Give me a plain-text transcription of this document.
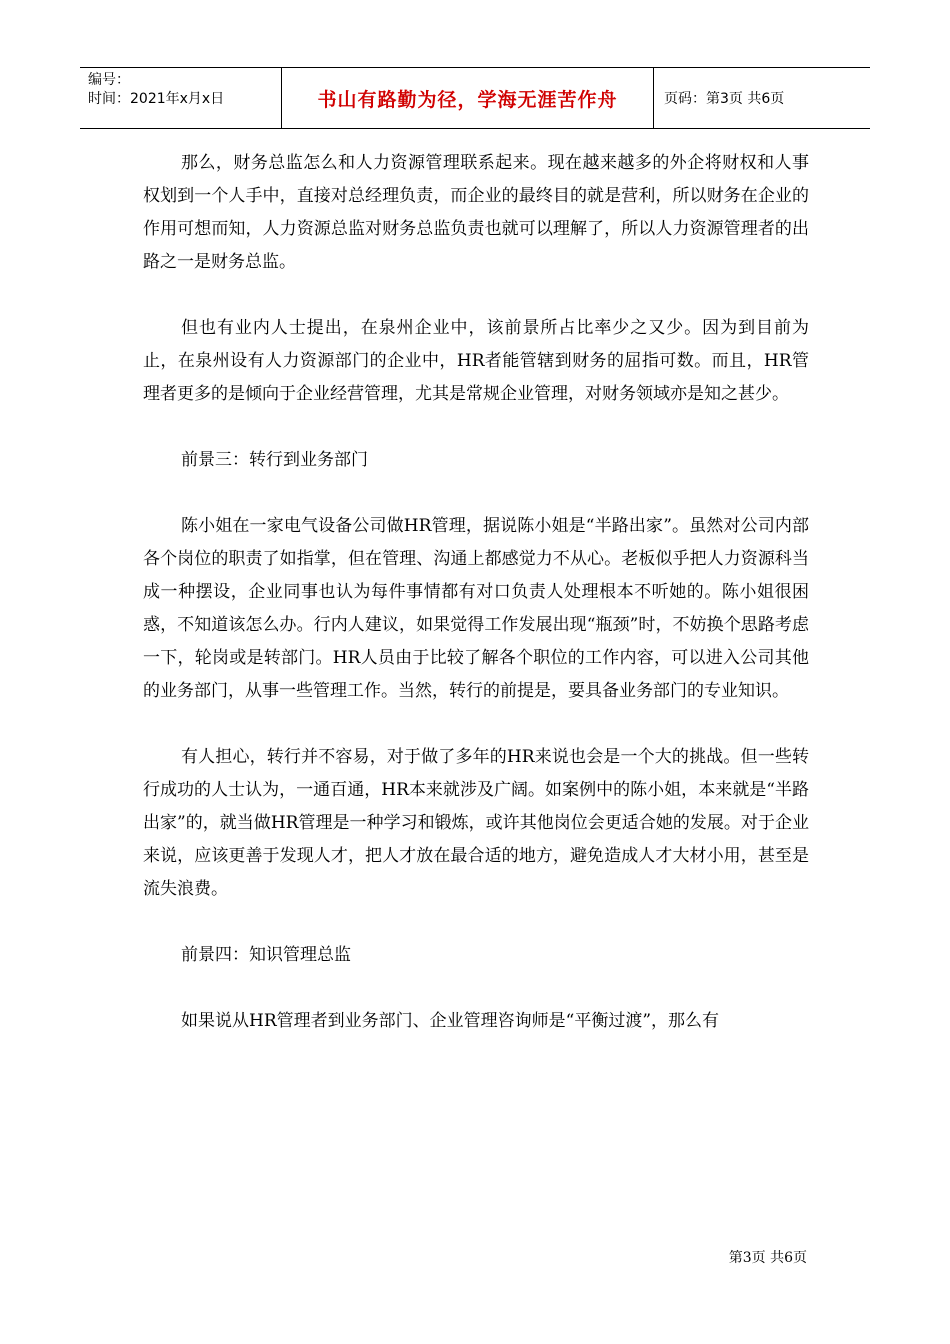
编号：
时间：2021年x月x日	书山有路勤为径，学海无涯苦作舟	页码：第3页 共6页

那么，财务总监怎么和人力资源管理联系起来。现在越来越多的外企将财权和人事权划到一个人手中，直接对总经理负责，而企业的最终目的就是营利，所以财务在企业的作用可想而知，人力资源总监对财务总监负责也就可以理解了，所以人力资源管理者的出路之一是财务总监。

但也有业内人士提出，在泉州企业中，该前景所占比率少之又少。因为到目前为止，在泉州设有人力资源部门的企业中，HR者能管辖到财务的屈指可数。而且，HR管理者更多的是倾向于企业经营管理，尤其是常规企业管理，对财务领域亦是知之甚少。

前景三：转行到业务部门

陈小姐在一家电气设备公司做HR管理，据说陈小姐是“半路出家”。虽然对公司内部各个岗位的职责了如指掌，但在管理、沟通上都感觉力不从心。老板似乎把人力资源科当成一种摆设，企业同事也认为每件事情都有对口负责人处理根本不听她的。陈小姐很困惑，不知道该怎么办。行内人建议，如果觉得工作发展出现“瓶颈”时，不妨换个思路考虑一下，轮岗或是转部门。HR人员由于比较了解各个职位的工作内容，可以进入公司其他的业务部门，从事一些管理工作。当然，转行的前提是，要具备业务部门的专业知识。

有人担心，转行并不容易，对于做了多年的HR来说也会是一个大的挑战。但一些转行成功的人士认为，一通百通，HR本来就涉及广阔。如案例中的陈小姐，本来就是“半路出家”的，就当做HR管理是一种学习和锻炼，或许其他岗位会更适合她的发展。对于企业来说，应该更善于发现人才，把人才放在最合适的地方，避免造成人才大材小用，甚至是流失浪费。

前景四：知识管理总监

如果说从HR管理者到业务部门、企业管理咨询师是“平衡过渡”，那么有

第3页 共6页
